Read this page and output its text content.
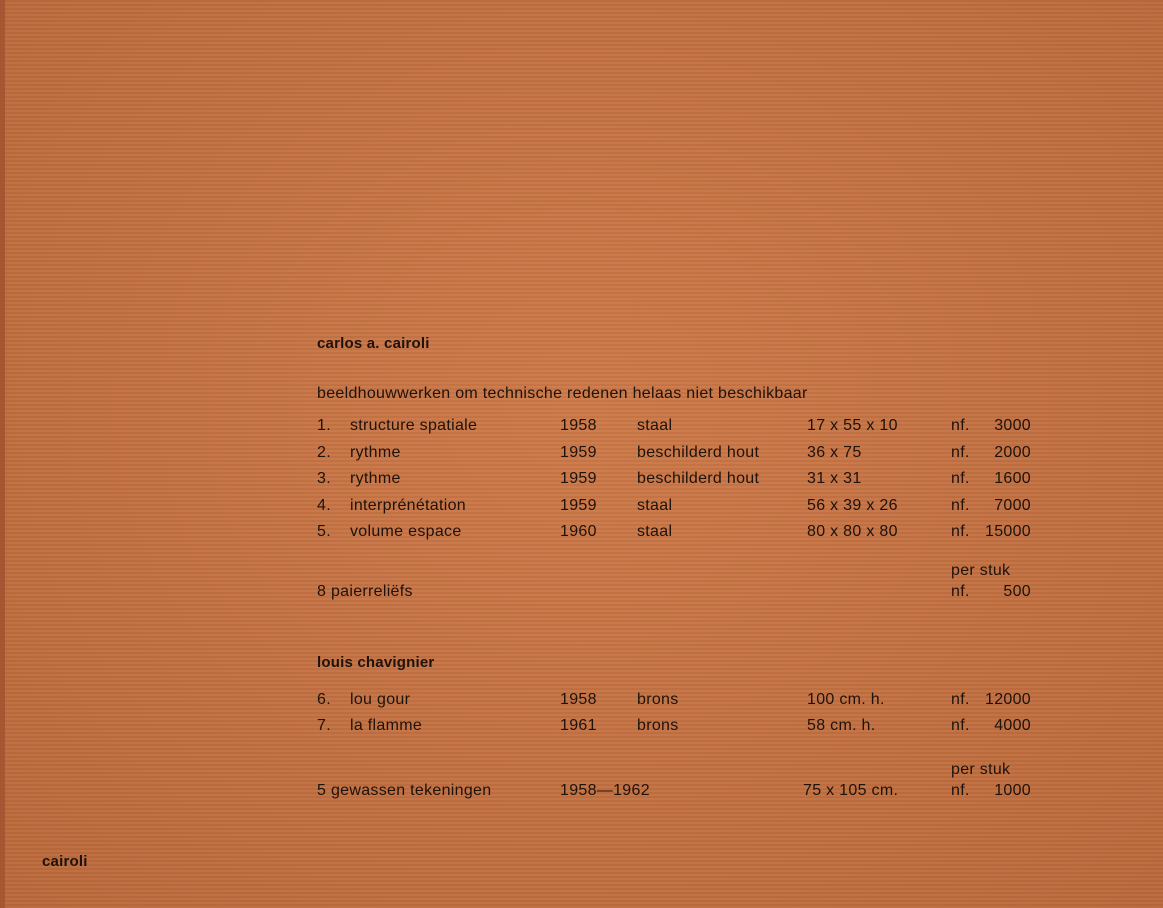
carlos a. cairoli
beeldhouwwerken om technische redenen helaas niet beschikbaar
1. structure spatiale	1958	staal	17 x 55 x 10	nf.	3000
2. rythme	1959	beschilderd hout	36 x 75	nf.	2000
3. rythme	1959	beschilderd hout	31 x 31	nf.	1600
4. interprénétation	1959	staal	56 x 39 x 26	nf.	7000
5. volume espace	1960	staal	80 x 80 x 80	nf. 15000
per stuk
8 paierreliëfs	nf.	500
louis chavignier
6. lou gour	1958	brons	100 cm. h.	nf. 12000
7. la flamme	1961	brons	58 cm. h.	nf.	4000
per stuk
5 gewassen tekeningen	1958—1962	75 x 105 cm.	nf.	1000
cairoli
